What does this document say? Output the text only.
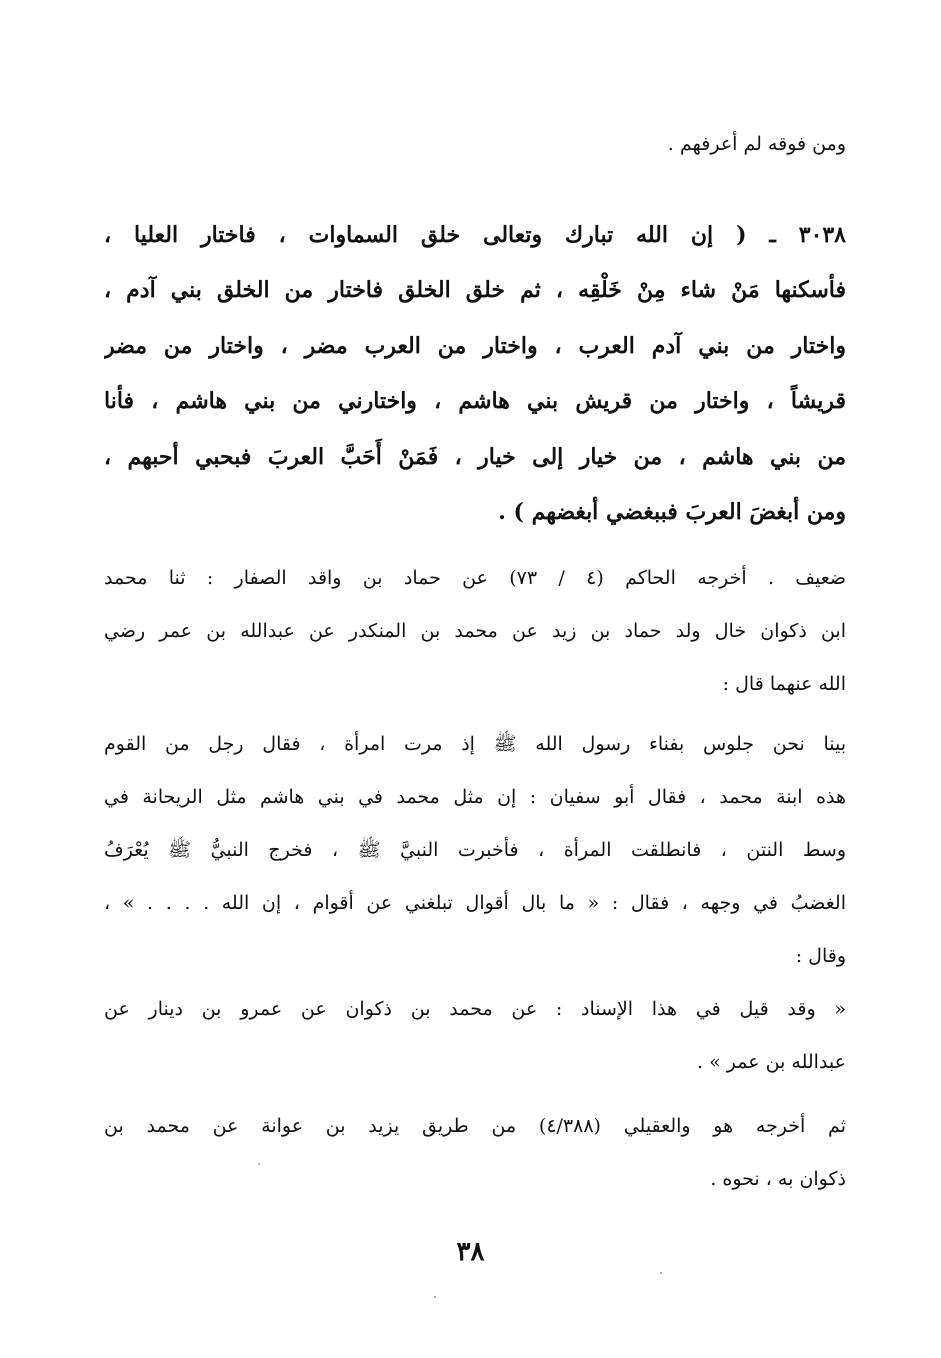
ومن فوقه لم أعرفهم .
٣٠٣٨ ـ ( إن الله تبارك وتعالى خلق السماوات ، فاختار العليا ،
فأسكنها مَنْ شاء مِنْ خَلْقِه ، ثم خلق الخلق فاختار من الخلق بني آدم ،
واختار من بني آدم العرب ، واختار من العرب مضر ، واختار من مضر
قريشاً ، واختار من قريش بني هاشم ، واختارني من بني هاشم ، فأنا
من بني هاشم ، من خيار إلى خيار ، فَمَنْ أَحَبَّ العربَ فبحبي أحبهم ،
ومن أبغضَ العربَ فببغضي أبغضهم ) .
ضعيف . أخرجه الحاكم (٤ / ٧٣) عن حماد بن واقد الصفار : ثنا محمد
ابن ذكوان خال ولد حماد بن زيد عن محمد بن المنكدر عن عبدالله بن عمر رضي
الله عنهما قال :
بينا نحن جلوس بفناء رسول الله ﷺ إذ مرت امرأة ، فقال رجل من القوم
هذه ابنة محمد ، فقال أبو سفيان : إن مثل محمد في بني هاشم مثل الريحانة في
وسط النتن ، فانطلقت المرأة ، فأخبرت النبيَّ ﷺ ، فخرج النبيُّ ﷺ يُعْرَفُ
الغضبُ في وجهه ، فقال : « ما بال أقوال تبلغني عن أقوام ، إن الله . . . . » ،
وقال :
« وقد قيل في هذا الإسناد : عن محمد بن ذكوان عن عمرو بن دينار عن
عبدالله بن عمر » .
ثم أخرجه هو والعقيلي (٤/٣٨٨) من طريق يزيد بن عوانة عن محمد بن
ذكوان به ، نحوه .
٣٨
